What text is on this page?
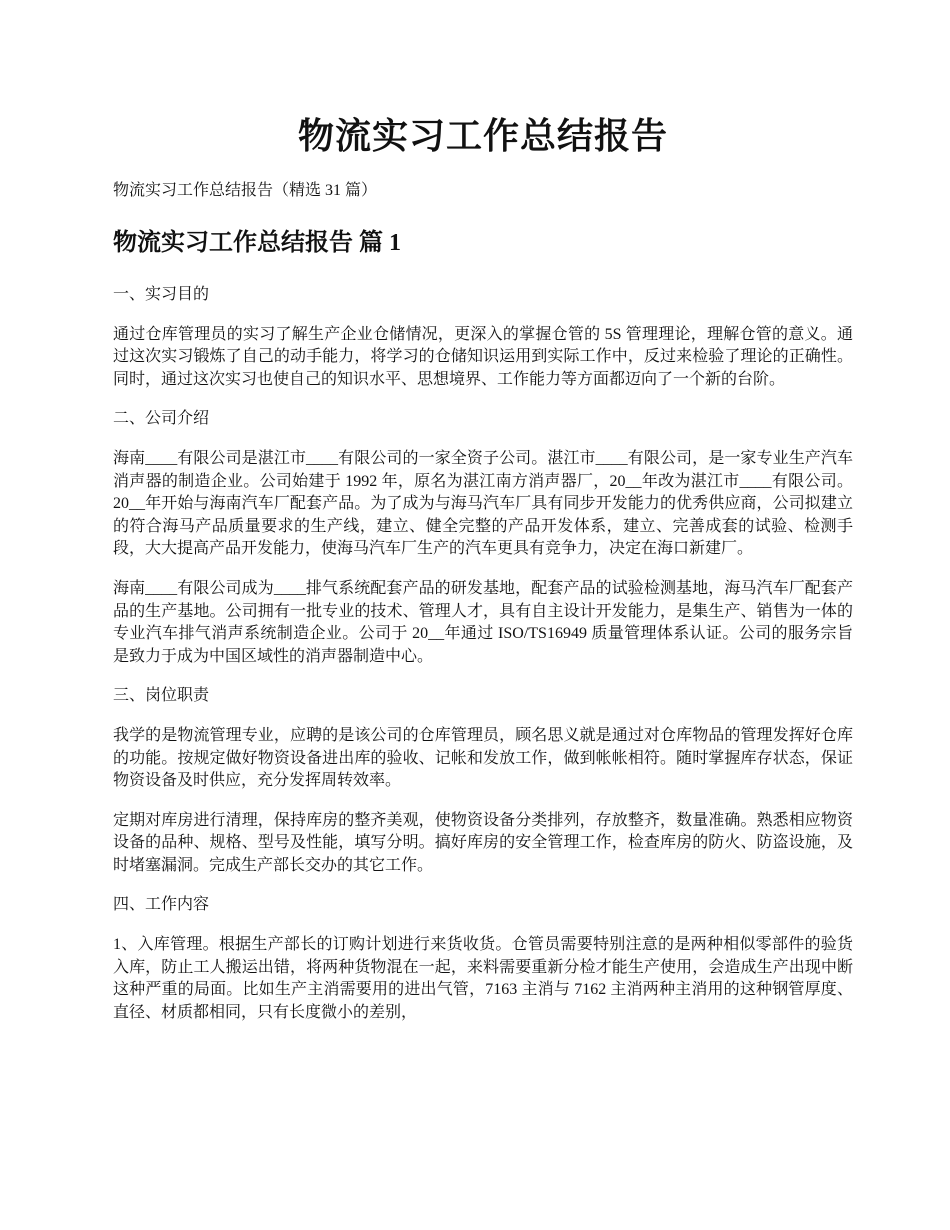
物流实习工作总结报告

物流实习工作总结报告（精选 31 篇）

物流实习工作总结报告 篇 1

一、实习目的

通过仓库管理员的实习了解生产企业仓储情况，更深入的掌握仓管的 5S 管理理论，理解仓管的意义。通过这次实习锻炼了自己的动手能力，将学习的仓储知识运用到实际工作中，反过来检验了理论的正确性。同时，通过这次实习也使自己的知识水平、思想境界、工作能力等方面都迈向了一个新的台阶。

二、公司介绍

海南____有限公司是湛江市____有限公司的一家全资子公司。湛江市____有限公司，是一家专业生产汽车消声器的制造企业。公司始建于 1992 年，原名为湛江南方消声器厂，20__年改为湛江市____有限公司。20__年开始与海南汽车厂配套产品。为了成为与海马汽车厂具有同步开发能力的优秀供应商，公司拟建立的符合海马产品质量要求的生产线，建立、健全完整的产品开发体系，建立、完善成套的试验、检测手段，大大提高产品开发能力，使海马汽车厂生产的汽车更具有竞争力，决定在海口新建厂。

海南____有限公司成为____排气系统配套产品的研发基地，配套产品的试验检测基地，海马汽车厂配套产品的生产基地。公司拥有一批专业的技术、管理人才，具有自主设计开发能力，是集生产、销售为一体的专业汽车排气消声系统制造企业。公司于 20__年通过 ISO/TS16949 质量管理体系认证。公司的服务宗旨是致力于成为中国区域性的消声器制造中心。

三、岗位职责

我学的是物流管理专业，应聘的是该公司的仓库管理员，顾名思义就是通过对仓库物品的管理发挥好仓库的功能。按规定做好物资设备进出库的验收、记帐和发放工作，做到帐帐相符。随时掌握库存状态，保证物资设备及时供应，充分发挥周转效率。

定期对库房进行清理，保持库房的整齐美观，使物资设备分类排列，存放整齐，数量准确。熟悉相应物资设备的品种、规格、型号及性能，填写分明。搞好库房的安全管理工作，检查库房的防火、防盗设施，及时堵塞漏洞。完成生产部长交办的其它工作。

四、工作内容

1、入库管理。根据生产部长的订购计划进行来货收货。仓管员需要特别注意的是两种相似零部件的验货入库，防止工人搬运出错，将两种货物混在一起，来料需要重新分检才能生产使用，会造成生产出现中断这种严重的局面。比如生产主消需要用的进出气管，7163 主消与 7162 主消两种主消用的这种钢管厚度、直径、材质都相同，只有长度微小的差别，
